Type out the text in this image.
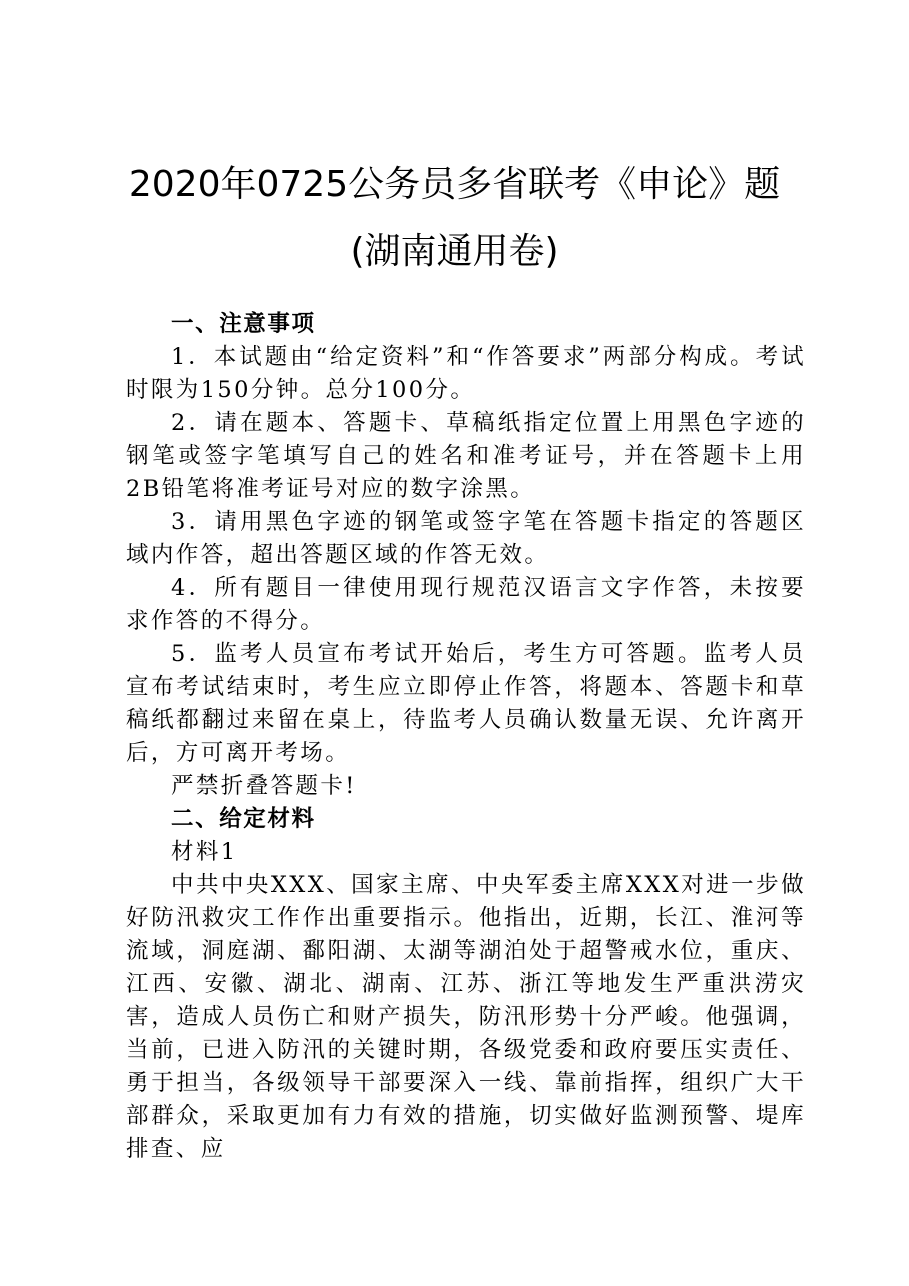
2020年0725公务员多省联考《申论》题
(湖南通用卷)

一、注意事项

1．本试题由“给定资料”和“作答要求”两部分构成。考试时限为150分钟。总分100分。

2．请在题本、答题卡、草稿纸指定位置上用黑色字迹的钢笔或签字笔填写自己的姓名和准考证号，并在答题卡上用2B铅笔将准考证号对应的数字涂黑。

3．请用黑色字迹的钢笔或签字笔在答题卡指定的答题区域内作答，超出答题区域的作答无效。

4．所有题目一律使用现行规范汉语言文字作答，未按要求作答的不得分。

5．监考人员宣布考试开始后，考生方可答题。监考人员宣布考试结束时，考生应立即停止作答，将题本、答题卡和草稿纸都翻过来留在桌上，待监考人员确认数量无误、允许离开后，方可离开考场。

严禁折叠答题卡!

二、给定材料

材料1

中共中央XXX、国家主席、中央军委主席XXX对进一步做好防汛救灾工作作出重要指示。他指出，近期，长江、淮河等流域，洞庭湖、鄱阳湖、太湖等湖泊处于超警戒水位，重庆、江西、安徽、湖北、湖南、江苏、浙江等地发生严重洪涝灾害，造成人员伤亡和财产损失，防汛形势十分严峻。他强调，当前，已进入防汛的关键时期，各级党委和政府要压实责任、勇于担当，各级领导干部要深入一线、靠前指挥，组织广大干部群众，采取更加有力有效的措施，切实做好监测预警、堤库排查、应
